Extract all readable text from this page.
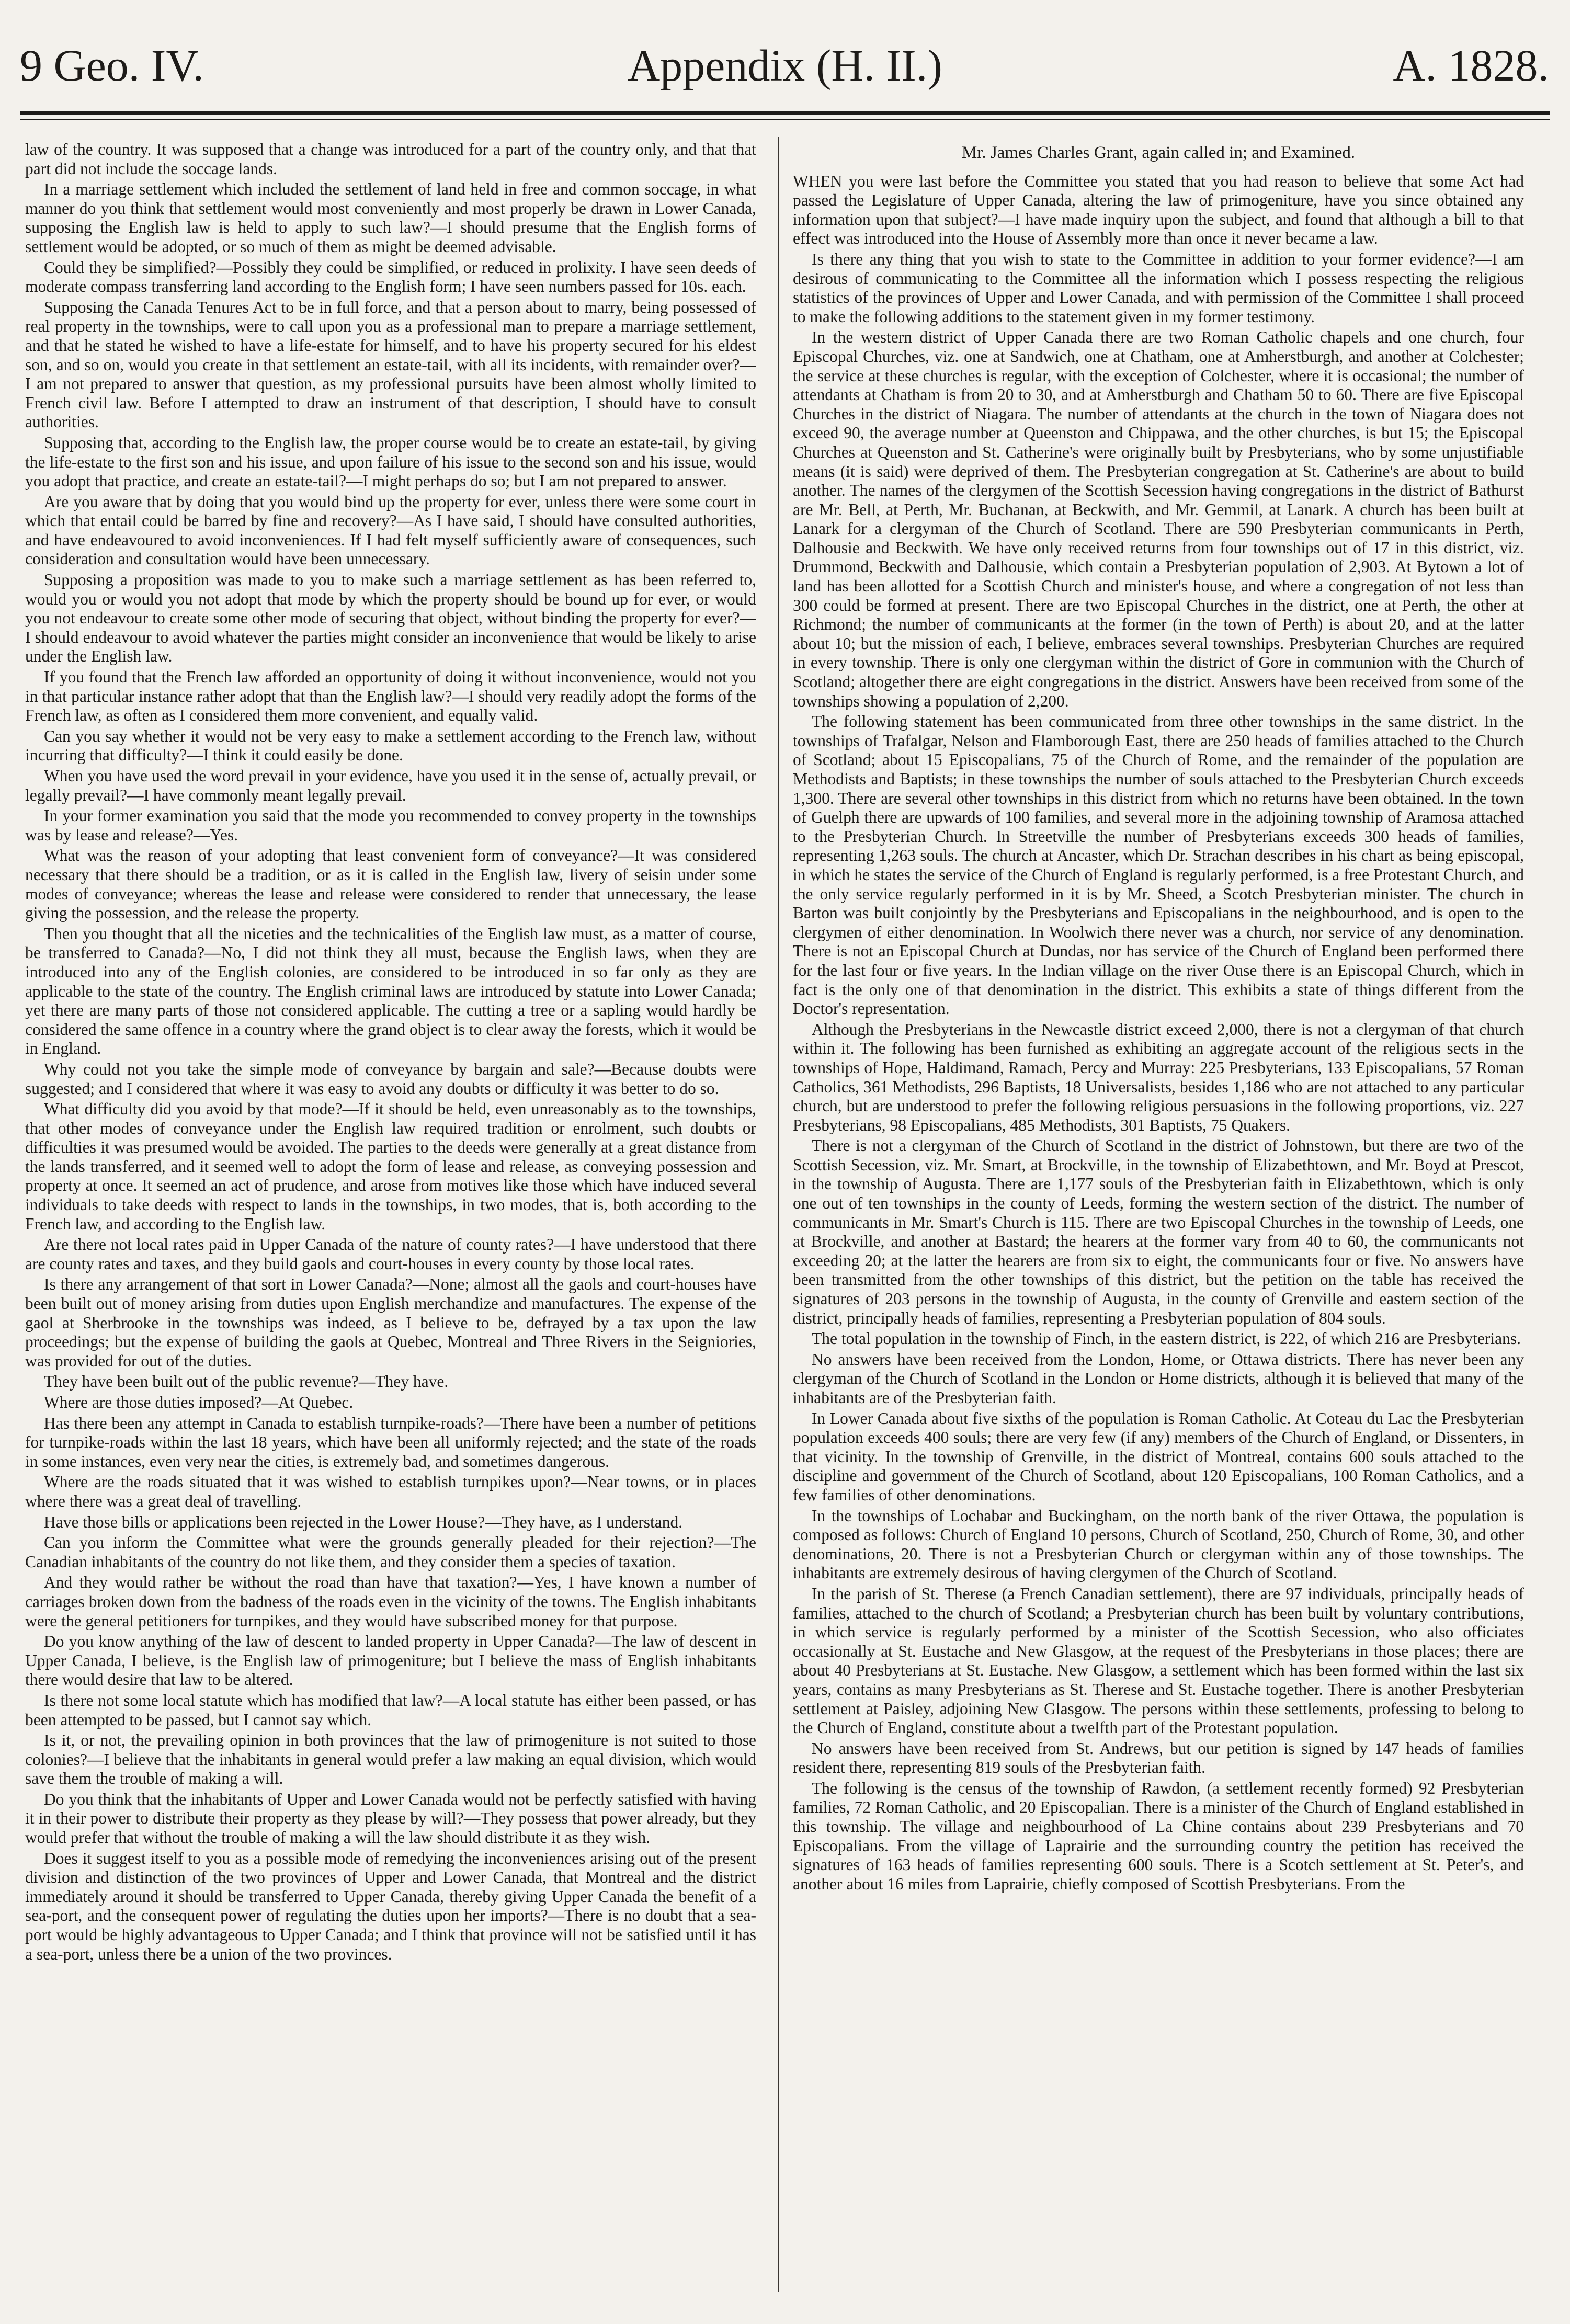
9 Geo. IV.	Appendix (H. II.)	A. 1828.

law of the country. It was supposed that a change was introduced for a part of the country only, and that that part did not include the soccage lands.

In a marriage settlement which included the settlement of land held in free and common soccage, in what manner do you think that settlement would most conveniently and most properly be drawn in Lower Canada, supposing the English law is held to apply to such law?—I should presume that the English forms of settlement would be adopted, or so much of them as might be deemed advisable.

Could they be simplified?—Possibly they could be simplified, or reduced in prolixity. I have seen deeds of moderate compass transferring land according to the English form; I have seen numbers passed for 10s. each.

Supposing the Canada Tenures Act to be in full force, and that a person about to marry, being possessed of real property in the townships, were to call upon you as a professional man to prepare a marriage settlement, and that he stated he wished to have a life-estate for himself, and to have his property secured for his eldest son, and so on, would you create in that settlement an estate-tail, with all its incidents, with remainder over?—I am not prepared to answer that question, as my professional pursuits have been almost wholly limited to French civil law. Before I attempted to draw an instrument of that description, I should have to consult authorities.

Supposing that, according to the English law, the proper course would be to create an estate-tail, by giving the life-estate to the first son and his issue, and upon failure of his issue to the second son and his issue, would you adopt that practice, and create an estate-tail?—I might perhaps do so; but I am not prepared to answer.

Are you aware that by doing that you would bind up the property for ever, unless there were some court in which that entail could be barred by fine and recovery?—As I have said, I should have consulted authorities, and have endeavoured to avoid inconveniences. If I had felt myself sufficiently aware of consequences, such consideration and consultation would have been unnecessary.

Supposing a proposition was made to you to make such a marriage settlement as has been referred to, would you or would you not adopt that mode by which the property should be bound up for ever, or would you not endeavour to create some other mode of securing that object, without binding the property for ever?—I should endeavour to avoid whatever the parties might consider an inconvenience that would be likely to arise under the English law.

If you found that the French law afforded an opportunity of doing it without inconvenience, would not you in that particular instance rather adopt that than the English law?—I should very readily adopt the forms of the French law, as often as I considered them more convenient, and equally valid.

Can you say whether it would not be very easy to make a settlement according to the French law, without incurring that difficulty?—I think it could easily be done.

When you have used the word prevail in your evidence, have you used it in the sense of, actually prevail, or legally prevail?—I have commonly meant legally prevail.

In your former examination you said that the mode you recommended to convey property in the townships was by lease and release?—Yes.

What was the reason of your adopting that least convenient form of conveyance?—It was considered necessary that there should be a tradition, or as it is called in the English law, livery of seisin under some modes of conveyance; whereas the lease and release were considered to render that unnecessary, the lease giving the possession, and the release the property.

Then you thought that all the niceties and the technicalities of the English law must, as a matter of course, be transferred to Canada?—No, I did not think they all must, because the English laws, when they are introduced into any of the English colonies, are considered to be introduced in so far only as they are applicable to the state of the country. The English criminal laws are introduced by statute into Lower Canada; yet there are many parts of those not considered applicable. The cutting a tree or a sapling would hardly be considered the same offence in a country where the grand object is to clear away the forests, which it would be in England.

Why could not you take the simple mode of conveyance by bargain and sale?—Because doubts were suggested; and I considered that where it was easy to avoid any doubts or difficulty it was better to do so.

What difficulty did you avoid by that mode?—If it should be held, even unreasonably as to the townships, that other modes of conveyance under the English law required tradition or enrolment, such doubts or difficulties it was presumed would be avoided. The parties to the deeds were generally at a great distance from the lands transferred, and it seemed well to adopt the form of lease and release, as conveying possession and property at once. It seemed an act of prudence, and arose from motives like those which have induced several individuals to take deeds with respect to lands in the townships, in two modes, that is, both according to the French law, and according to the English law.

Are there not local rates paid in Upper Canada of the nature of county rates?—I have understood that there are county rates and taxes, and they build gaols and court-houses in every county by those local rates.

Is there any arrangement of that sort in Lower Canada?—None; almost all the gaols and court-houses have been built out of money arising from duties upon English merchandize and manufactures. The expense of the gaol at Sherbrooke in the townships was indeed, as I believe to be, defrayed by a tax upon the law proceedings; but the expense of building the gaols at Quebec, Montreal and Three Rivers in the Seigniories, was provided for out of the duties.

They have been built out of the public revenue?—They have.

Where are those duties imposed?—At Quebec.

Has there been any attempt in Canada to establish turnpike-roads?—There have been a number of petitions for turnpike-roads within the last 18 years, which have been all uniformly rejected; and the state of the roads in some instances, even very near the cities, is extremely bad, and sometimes dangerous.

Where are the roads situated that it was wished to establish turnpikes upon?—Near towns, or in places where there was a great deal of travelling.

Have those bills or applications been rejected in the Lower House?—They have, as I understand.

Can you inform the Committee what were the grounds generally pleaded for their rejection?—The Canadian inhabitants of the country do not like them, and they consider them a species of taxation.

And they would rather be without the road than have that taxation?—Yes, I have known a number of carriages broken down from the badness of the roads even in the vicinity of the towns. The English inhabitants were the general petitioners for turnpikes, and they would have subscribed money for that purpose.

Do you know anything of the law of descent to landed property in Upper Canada?—The law of descent in Upper Canada, I believe, is the English law of primogeniture; but I believe the mass of English inhabitants there would desire that law to be altered.

Is there not some local statute which has modified that law?—A local statute has either been passed, or has been attempted to be passed, but I cannot say which.

Is it, or not, the prevailing opinion in both provinces that the law of primogeniture is not suited to those colonies?—I believe that the inhabitants in general would prefer a law making an equal division, which would save them the trouble of making a will.

Do you think that the inhabitants of Upper and Lower Canada would not be perfectly satisfied with having it in their power to distribute their property as they please by will?—They possess that power already, but they would prefer that without the trouble of making a will the law should distribute it as they wish.

Does it suggest itself to you as a possible mode of remedying the inconveniences arising out of the present division and distinction of the two provinces of Upper and Lower Canada, that Montreal and the district immediately around it should be transferred to Upper Canada, thereby giving Upper Canada the benefit of a sea-port, and the consequent power of regulating the duties upon her imports?—There is no doubt that a sea-port would be highly advantageous to Upper Canada; and I think that province will not be satisfied until it has a sea-port, unless there be a union of the two provinces.

Mr. James Charles Grant, again called in; and Examined.

WHEN you were last before the Committee you stated that you had reason to believe that some Act had passed the Legislature of Upper Canada, altering the law of primogeniture, have you since obtained any information upon that subject?—I have made inquiry upon the subject, and found that although a bill to that effect was introduced into the House of Assembly more than once it never became a law.

Is there any thing that you wish to state to the Committee in addition to your former evidence?—I am desirous of communicating to the Committee all the information which I possess respecting the religious statistics of the provinces of Upper and Lower Canada, and with permission of the Committee I shall proceed to make the following additions to the statement given in my former testimony.

In the western district of Upper Canada there are two Roman Catholic chapels and one church, four Episcopal Churches, viz. one at Sandwich, one at Chatham, one at Amherstburgh, and another at Colchester; the service at these churches is regular, with the exception of Colchester, where it is occasional; the number of attendants at Chatham is from 20 to 30, and at Amherstburgh and Chatham 50 to 60. There are five Episcopal Churches in the district of Niagara. The number of attendants at the church in the town of Niagara does not exceed 90, the average number at Queenston and Chippawa, and the other churches, is but 15; the Episcopal Churches at Queenston and St. Catherine's were originally built by Presbyterians, who by some unjustifiable means (it is said) were deprived of them. The Presbyterian congregation at St. Catherine's are about to build another. The names of the clergymen of the Scottish Secession having congregations in the district of Bathurst are Mr. Bell, at Perth, Mr. Buchanan, at Beckwith, and Mr. Gemmil, at Lanark. A church has been built at Lanark for a clergyman of the Church of Scotland. There are 590 Presbyterian communicants in Perth, Dalhousie and Beckwith. We have only received returns from four townships out of 17 in this district, viz. Drummond, Beckwith and Dalhousie, which contain a Presbyterian population of 2,903. At Bytown a lot of land has been allotted for a Scottish Church and minister's house, and where a congregation of not less than 300 could be formed at present. There are two Episcopal Churches in the district, one at Perth, the other at Richmond; the number of communicants at the former (in the town of Perth) is about 20, and at the latter about 10; but the mission of each, I believe, embraces several townships. Presbyterian Churches are required in every township. There is only one clergyman within the district of Gore in communion with the Church of Scotland; altogether there are eight congregations in the district. Answers have been received from some of the townships showing a population of 2,200.

The following statement has been communicated from three other townships in the same district. In the townships of Trafalgar, Nelson and Flamborough East, there are 250 heads of families attached to the Church of Scotland; about 15 Episcopalians, 75 of the Church of Rome, and the remainder of the population are Methodists and Baptists; in these townships the number of souls attached to the Presbyterian Church exceeds 1,300. There are several other townships in this district from which no returns have been obtained. In the town of Guelph there are upwards of 100 families, and several more in the adjoining township of Aramosa attached to the Presbyterian Church. In Streetville the number of Presbyterians exceeds 300 heads of families, representing 1,263 souls. The church at Ancaster, which Dr. Strachan describes in his chart as being episcopal, in which he states the service of the Church of England is regularly performed, is a free Protestant Church, and the only service regularly performed in it is by Mr. Sheed, a Scotch Presbyterian minister. The church in Barton was built conjointly by the Presbyterians and Episcopalians in the neighbourhood, and is open to the clergymen of either denomination. In Woolwich there never was a church, nor service of any denomination. There is not an Episcopal Church at Dundas, nor has service of the Church of England been performed there for the last four or five years. In the Indian village on the river Ouse there is an Episcopal Church, which in fact is the only one of that denomination in the district. This exhibits a state of things different from the Doctor's representation.

Although the Presbyterians in the Newcastle district exceed 2,000, there is not a clergyman of that church within it. The following has been furnished as exhibiting an aggregate account of the religious sects in the townships of Hope, Haldimand, Ramach, Percy and Murray: 225 Presbyterians, 133 Episcopalians, 57 Roman Catholics, 361 Methodists, 296 Baptists, 18 Universalists, besides 1,186 who are not attached to any particular church, but are understood to prefer the following religious persuasions in the following proportions, viz. 227 Presbyterians, 98 Episcopalians, 485 Methodists, 301 Baptists, 75 Quakers.

There is not a clergyman of the Church of Scotland in the district of Johnstown, but there are two of the Scottish Secession, viz. Mr. Smart, at Brockville, in the township of Elizabethtown, and Mr. Boyd at Prescot, in the township of Augusta. There are 1,177 souls of the Presbyterian faith in Elizabethtown, which is only one out of ten townships in the county of Leeds, forming the western section of the district. The number of communicants in Mr. Smart's Church is 115. There are two Episcopal Churches in the township of Leeds, one at Brockville, and another at Bastard; the hearers at the former vary from 40 to 60, the communicants not exceeding 20; at the latter the hearers are from six to eight, the communicants four or five. No answers have been transmitted from the other townships of this district, but the petition on the table has received the signatures of 203 persons in the township of Augusta, in the county of Grenville and eastern section of the district, principally heads of families, representing a Presbyterian population of 804 souls.

The total population in the township of Finch, in the eastern district, is 222, of which 216 are Presbyterians.

No answers have been received from the London, Home, or Ottawa districts. There has never been any clergyman of the Church of Scotland in the London or Home districts, although it is believed that many of the inhabitants are of the Presbyterian faith.

In Lower Canada about five sixths of the population is Roman Catholic. At Coteau du Lac the Presbyterian population exceeds 400 souls; there are very few (if any) members of the Church of England, or Dissenters, in that vicinity. In the township of Grenville, in the district of Montreal, contains 600 souls attached to the discipline and government of the Church of Scotland, about 120 Episcopalians, 100 Roman Catholics, and a few families of other denominations.

In the townships of Lochabar and Buckingham, on the north bank of the river Ottawa, the population is composed as follows: Church of England 10 persons, Church of Scotland, 250, Church of Rome, 30, and other denominations, 20. There is not a Presbyterian Church or clergyman within any of those townships. The inhabitants are extremely desirous of having clergymen of the Church of Scotland.

In the parish of St. Therese (a French Canadian settlement), there are 97 individuals, principally heads of families, attached to the church of Scotland; a Presbyterian church has been built by voluntary contributions, in which service is regularly performed by a minister of the Scottish Secession, who also officiates occasionally at St. Eustache and New Glasgow, at the request of the Presbyterians in those places; there are about 40 Presbyterians at St. Eustache. New Glasgow, a settlement which has been formed within the last six years, contains as many Presbyterians as St. Therese and St. Eustache together. There is another Presbyterian settlement at Paisley, adjoining New Glasgow. The persons within these settlements, professing to belong to the Church of England, constitute about a twelfth part of the Protestant population.

No answers have been received from St. Andrews, but our petition is signed by 147 heads of families resident there, representing 819 souls of the Presbyterian faith.

The following is the census of the township of Rawdon, (a settlement recently formed) 92 Presbyterian families, 72 Roman Catholic, and 20 Episcopalian. There is a minister of the Church of England established in this township. The village and neighbourhood of La Chine contains about 239 Presbyterians and 70 Episcopalians. From the village of Laprairie and the surrounding country the petition has received the signatures of 163 heads of families representing 600 souls. There is a Scotch settlement at St. Peter's, and another about 16 miles from Laprairie, chiefly composed of Scottish Presbyterians. From the
